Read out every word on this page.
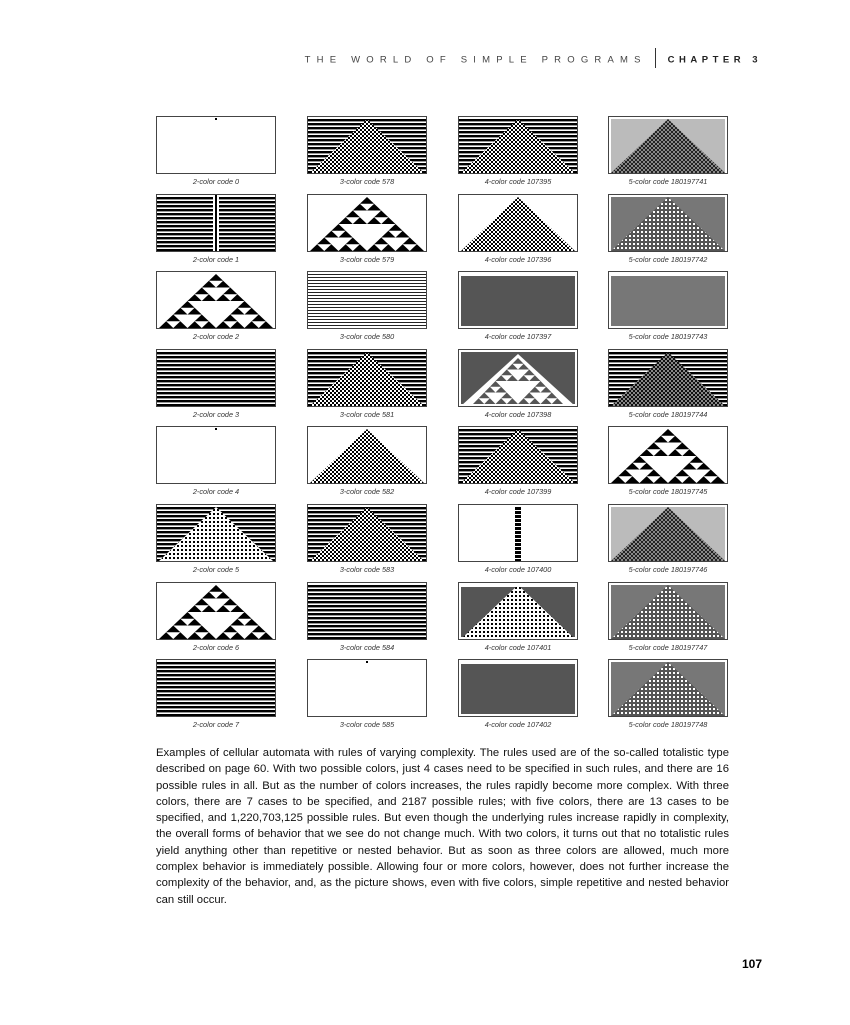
THE WORLD OF SIMPLE PROGRAMS CHAPTER 3
2-color code 0
2-color code 1
2-color code 2
2-color code 3
2-color code 4
2-color code 5
2-color code 6
2-color code 7
3-color code 578
3-color code 579
3-color code 580
3-color code 581
3-color code 582
3-color code 583
3-color code 584
3-color code 585
4-color code 107395
4-color code 107396
4-color code 107397
4-color code 107398
4-color code 107399
4-color code 107400
4-color code 107401
4-color code 107402
5-color code 180197741
5-color code 180197742
5-color code 180197743
5-color code 180197744
5-color code 180197745
5-color code 180197746
5-color code 180197747
5-color code 180197748

Examples of cellular automata with rules of varying complexity. The rules used are of the so-called totalistic type described on page 60. With two possible colors, just 4 cases need to be specified in such rules, and there are 16 possible rules in all. But as the number of colors increases, the rules rapidly become more complex. With three colors, there are 7 cases to be specified, and 2187 possible rules; with five colors, there are 13 cases to be specified, and 1,220,703,125 possible rules. But even though the underlying rules increase rapidly in complexity, the overall forms of behavior that we see do not change much. With two colors, it turns out that no totalistic rules yield anything other than repetitive or nested behavior. But as soon as three colors are allowed, much more complex behavior is immediately possible. Allowing four or more colors, however, does not further increase the complexity of the behavior, and, as the picture shows, even with five colors, simple repetitive and nested behavior can still occur.

107
